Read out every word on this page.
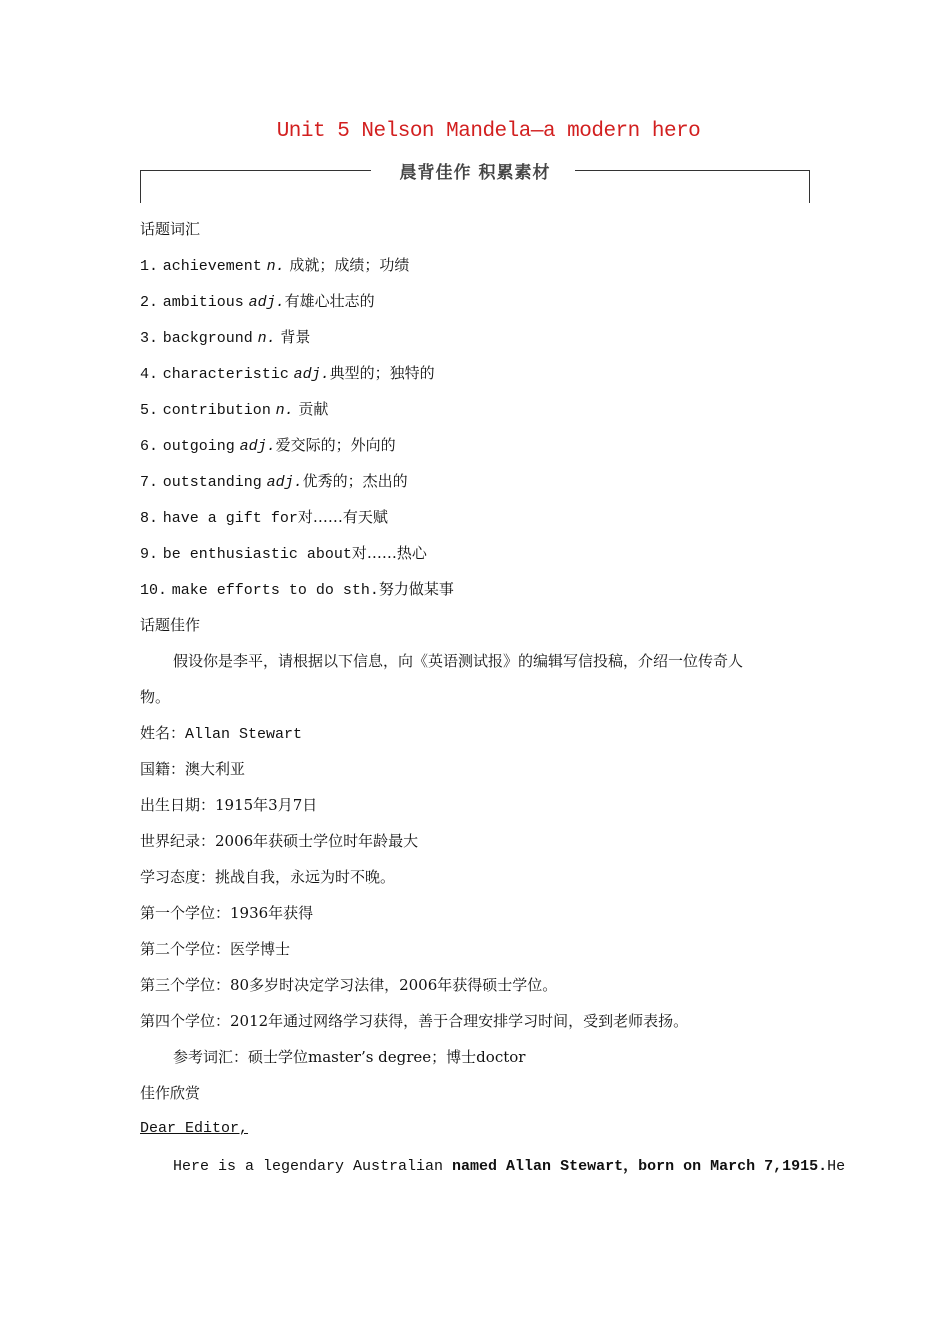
Unit 5 Nelson Mandela—a modern hero
晨背佳作 积累素材
话题词汇
1. achievement n. 成就；成绩；功绩
2. ambitious adj.有雄心壮志的
3. background n. 背景
4. characteristic adj.典型的；独特的
5. contribution n. 贡献
6. outgoing adj.爱交际的；外向的
7. outstanding adj.优秀的；杰出的
8. have a gift for对……有天赋
9. be enthusiastic about对……热心
10. make efforts to do sth.努力做某事
话题佳作
假设你是李平，请根据以下信息，向《英语测试报》的编辑写信投稿，介绍一位传奇人
物。
姓名：Allan Stewart
国籍：澳大利亚
出生日期：1915年3月7日
世界纪录：2006年获硕士学位时年龄最大
学习态度：挑战自我，永远为时不晚。
第一个学位：1936年获得
第二个学位：医学博士
第三个学位：80多岁时决定学习法律，2006年获得硕士学位。
第四个学位：2012年通过网络学习获得，善于合理安排学习时间，受到老师表扬。
参考词汇：硕士学位master’s degree；博士doctor
佳作欣赏
Dear Editor,
Here is a legendary Australian named Allan Stewart，born on March 7,1915.He
